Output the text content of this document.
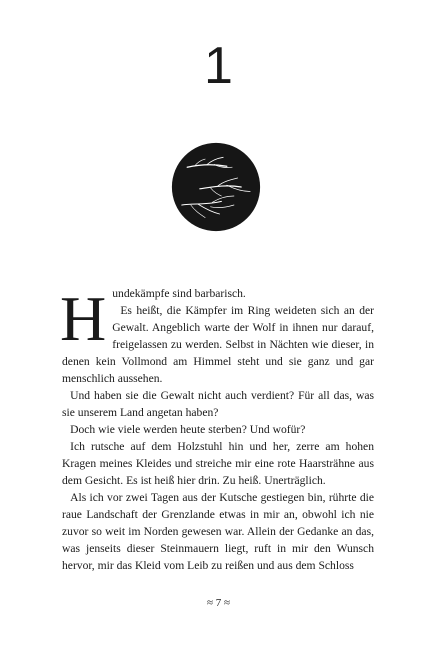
1

Hundekämpfe sind barbarisch.

Es heißt, die Kämpfer im Ring weideten sich an der Gewalt. Angeblich warte der Wolf in ihnen nur darauf, freigelassen zu werden. Selbst in Nächten wie dieser, in denen kein Vollmond am Himmel steht und sie ganz und gar menschlich aussehen.

Und haben sie die Gewalt nicht auch verdient? Für all das, was sie unserem Land angetan haben?

Doch wie viele werden heute sterben? Und wofür?

Ich rutsche auf dem Holzstuhl hin und her, zerre am hohen Kragen meines Kleides und streiche mir eine rote Haarsträhne aus dem Gesicht. Es ist heiß hier drin. Zu heiß. Unerträglich.

Als ich vor zwei Tagen aus der Kutsche gestiegen bin, rührte die raue Landschaft der Grenzlande etwas in mir an, obwohl ich nie zuvor so weit im Norden gewesen war. Allein der Gedanke an das, was jenseits dieser Steinmauern liegt, ruft in mir den Wunsch hervor, mir das Kleid vom Leib zu reißen und aus dem Schloss

≈ 7 ≈
